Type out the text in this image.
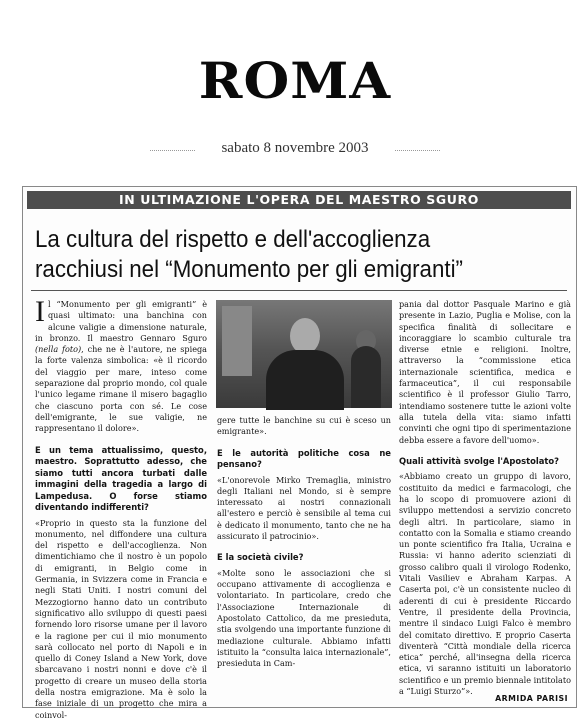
ROMA
sabato 8 novembre 2003
IN ULTIMAZIONE L'OPERA DEL MAESTRO SGURO
La cultura del rispetto e dell'accoglienza
racchiusi nel “Monumento per gli emigranti”

Il “Monumento per gli emigranti” è quasi ultimato: una banchina con alcune valigie a dimensione naturale, in bronzo. Il maestro Gennaro Sguro (nella foto), che ne è l'autore, ne spiega la forte valenza simbolica: «è il ricordo del viaggio per mare, inteso come separazione dal proprio mondo, col quale l'unico legame rimane il misero bagaglio che ciascuno porta con sé. Le cose dell'emigrante, le sue valigie, ne rappresentano il dolore».

E un tema attualissimo, questo, maestro. Soprattutto adesso, che siamo tutti ancora turbati dalle immagini della tragedia a largo di Lampedusa. O forse stiamo diventando indifferenti?

«Proprio in questo sta la funzione del monumento, nel diffondere una cultura del rispetto e dell'accoglienza. Non dimentichiamo che il nostro è un popolo di emigranti, in Belgio come in Germania, in Svizzera come in Francia e negli Stati Uniti. I nostri comuni del Mezzogiorno hanno dato un contributo significativo allo sviluppo di questi paesi fornendo loro risorse umane per il lavoro e la ragione per cui il mio monumento sarà collocato nel porto di Napoli e in quello di Coney Island a New York, dove sbarcavano i nostri nonni e dove c'è il progetto di creare un museo della storia della nostra emigrazione. Ma è solo la fase iniziale di un progetto che mira a coinvol-

gere tutte le banchine su cui è sceso un emigrante».

E le autorità politiche cosa ne pensano?

«L'onorevole Mirko Tremaglia, ministro degli Italiani nel Mondo, si è sempre interessato ai nostri connazionali all'estero e perciò è sensibile al tema cui è dedicato il monumento, tanto che ne ha assicurato il patrocinio».

E la società civile?

«Molte sono le associazioni che si occupano attivamente di accoglienza e volontariato. In particolare, credo che l'Associazione Internazionale di Apostolato Cattolico, da me presieduta, stia svolgendo una importante funzione di mediazione culturale. Abbiamo infatti istituito la “consulta laica internazionale”, presieduta in Cam-

pania dal dottor Pasquale Marino e già presente in Lazio, Puglia e Molise, con la specifica finalità di sollecitare e incoraggiare lo scambio culturale tra diverse etnie e religioni. Inoltre, attraverso la “commissione etica internazionale scientifica, medica e farmaceutica”, il cui responsabile scientifico è il professor Giulio Tarro, intendiamo sostenere tutte le azioni volte alla tutela della vita: siamo infatti convinti che ogni tipo di sperimentazione debba essere a favore dell'uomo».

Quali attività svolge l'Apostolato?

«Abbiamo creato un gruppo di lavoro, costituito da medici e farmacologi, che ha lo scopo di promuovere azioni di sviluppo mettendosi a servizio concreto degli altri. In particolare, siamo in contatto con la Somalia e stiamo creando un ponte scientifico fra Italia, Ucraina e Russia: vi hanno aderito scienziati di grosso calibro quali il virologo Rodenko, Vitali Vasiliev e Abraham Karpas. A Caserta poi, c'è un consistente nucleo di aderenti di cui è presidente Riccardo Ventre, il presidente della Provincia, mentre il sindaco Luigi Falco è membro del comitato direttivo. E proprio Caserta diventerà “Città mondiale della ricerca etica” perché, all'insegna della ricerca etica, vi saranno istituiti un laboratorio scientifico e un premio biennale intitolato a “Luigi Sturzo”».

ARMIDA PARISI
